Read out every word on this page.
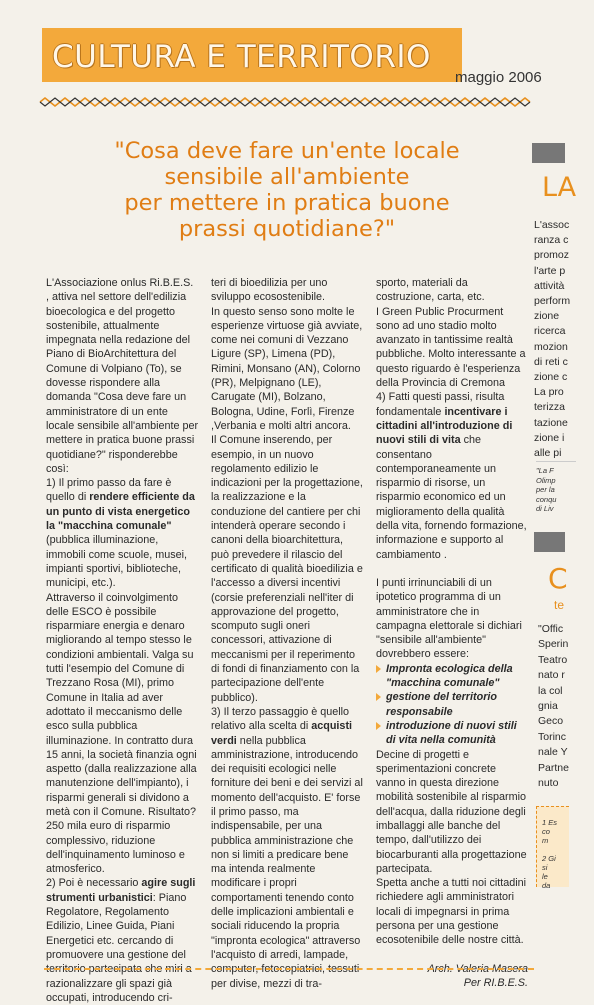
CULTURA E TERRITORIO
maggio 2006
"Cosa deve fare un'ente locale
sensibile all'ambiente
per mettere in pratica buone
prassi quotidiane?"

L'Associazione onlus Ri.B.E.S. , attiva nel settore dell'edilizia bioecologica e del progetto sostenibile, attualmente impegnata nella redazione del Piano di BioArchitettura del Comune di Volpiano (To), se dovesse rispondere alla domanda "Cosa deve fare un amministratore di un ente locale sensibile all'ambiente per mettere in pratica buone prassi quotidiane?" risponderebbe così:

1) Il primo passo da fare è quello di rendere efficiente da un punto di vista energetico la "macchina comunale" (pubblica illuminazione, immobili come scuole, musei, impianti sportivi, biblioteche, municipi, etc.).

Attraverso il coinvolgimento delle ESCO è possibile risparmiare energia e denaro migliorando al tempo stesso le condizioni ambientali. Valga su tutti l'esempio del Comune di Trezzano Rosa (MI), primo Comune in Italia ad aver adottato il meccanismo delle esco sulla pubblica illuminazione. In contratto dura 15 anni, la società finanzia ogni aspetto (dalla realizzazione alla manutenzione dell'impianto), i risparmi generali si dividono a metà con il Comune. Risultato? 250 mila euro di risparmio complessivo, riduzione dell'inquinamento luminoso e atmosferico.

2) Poi è necessario agire sugli strumenti urbanistici: Piano Regolatore, Regolamento Edilizio, Linee Guida, Piani Energetici etc. cercando di promuovere una gestione del territorio partecipata che miri a razionalizzare gli spazi già occupati, introducendo cri-

teri di bioedilizia per uno sviluppo ecosostenibile.

In questo senso sono molte le esperienze virtuose già avviate, come nei comuni di Vezzano Ligure (SP), Limena (PD), Rimini, Monsano (AN), Colorno (PR), Melpignano (LE), Carugate (MI), Bolzano, Bologna, Udine, Forlì, Firenze ,Verbania e molti altri ancora.

Il Comune inserendo, per esempio, in un nuovo regolamento edilizio le indicazioni per la progettazione, la realizzazione e la conduzione del cantiere per chi intenderà operare secondo i canoni della bioarchitettura, può prevedere il rilascio del certificato di qualità bioedilizia e l'accesso a diversi incentivi (corsie preferenziali nell'iter di approvazione del progetto, scomputo sugli oneri concessori, attivazione di meccanismi per il reperimento di fondi di finanziamento con la partecipazione dell'ente pubblico).

3) Il terzo passaggio è quello relativo alla scelta di acquisti verdi nella pubblica amministrazione, introducendo dei requisiti ecologici nelle forniture dei beni e dei servizi al momento dell'acquisto. E' forse il primo passo, ma indispensabile, per una pubblica amministrazione che non si limiti a predicare bene ma intenda realmente modificare i propri comportamenti tenendo conto delle implicazioni ambientali e sociali riducendo la propria "impronta ecologica" attraverso l'acquisto di arredi, lampade, computer, fotocopiatrici, tessuti per divise, mezzi di tra-

sporto, materiali da costruzione, carta, etc.

I Green Public Procurment sono ad uno stadio molto avanzato in tantissime realtà pubbliche. Molto interessante a questo riguardo è l'esperienza della Provincia di Cremona

4) Fatti questi passi, risulta fondamentale incentivare i cittadini all'introduzione di nuovi stili di vita che consentano contemporaneamente un risparmio di risorse, un risparmio economico ed un miglioramento della qualità della vita, fornendo formazione, informazione e supporto al cambiamento .

I punti irrinunciabili di un ipotetico programma di un amministratore che in campagna elettorale si dichiari "sensibile all'ambiente" dovrebbero essere:

Impronta ecologica della "macchina comunale"

gestione del territorio responsabile

introduzione di nuovi stili di vita nella comunità

Decine di progetti e sperimentazioni concrete vanno in questa direzione mobilità sostenibile al risparmio dell'acqua, dalla riduzione degli imballaggi alle banche del tempo, dall'utilizzo dei biocarburanti alla progettazione partecipata.

Spetta anche a tutti noi cittadini richiedere agli amministratori locali di impegnarsi in prima persona per una gestione ecosotenibile delle nostre città.

Arch. Valeria Masera

Per RI.B.E.S.

LA
L'assoc
ranza c
promoz
l'arte p
attività
perform
zione
ricerca
mozion
di reti c
zione c
La pro
terizza
tazione
zione i
alle pi
"La F
Olimp
per la
conqu
di Liv
C
te
"Offic
Sperin
Teatro
nato r
la col
gnia
Geco
Torinc
nale Y
Partne
nuto
1 Es
co
m

2 Gi
si
le
da
